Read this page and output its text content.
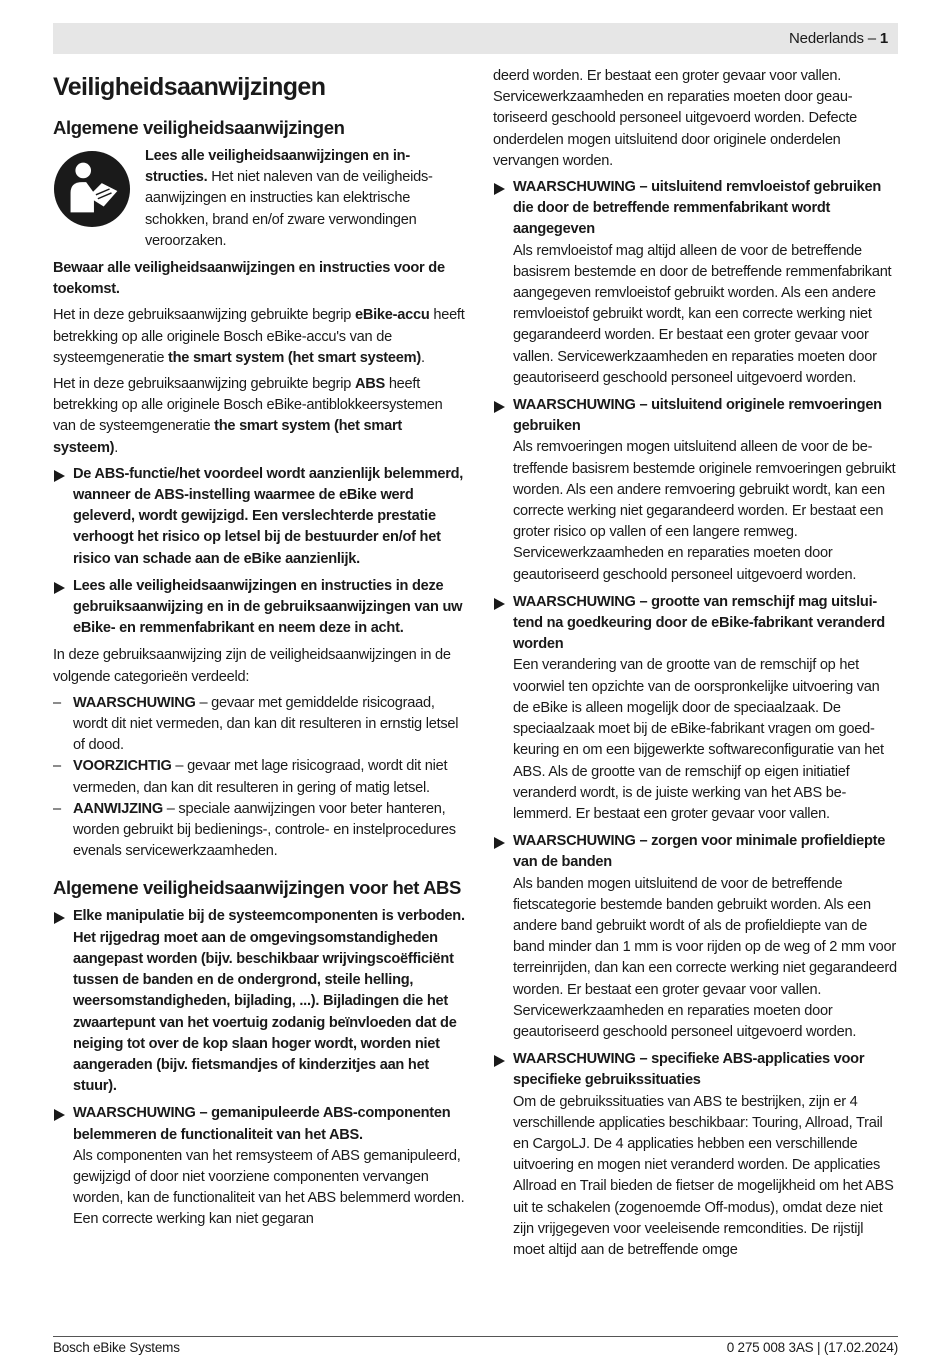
Nederlands – 1
Veiligheidsaanwijzingen
Algemene veiligheidsaanwijzingen

Lees alle veiligheidsaanwijzingen en instructies. Het niet naleven van de veiligheidsaanwijzingen en instructies kan elektrische schokken, brand en/of zware verwondingen veroorzaken.

Bewaar alle veiligheidsaanwijzingen en instructies voor de toekomst.

Het in deze gebruiksaanwijzing gebruikte begrip eBike-accu heeft betrekking op alle originele Bosch eBike-accu's van de systeemgeneratie the smart system (het smart systeem).

Het in deze gebruiksaanwijzing gebruikte begrip ABS heeft betrekking op alle originele Bosch eBike-antiblokkeersystemen van de systeemgeneratie the smart system (het smart systeem).

De ABS-functie/het voordeel wordt aanzienlijk belemmerd, wanneer de ABS-instelling waarmee de eBike werd geleverd, wordt gewijzigd. Een verslechterde prestatie verhoogt het risico op letsel bij de bestuurder en/of het risico van schade aan de eBike aanzienlijk.
Lees alle veiligheidsaanwijzingen en instructies in deze gebruiksaanwijzing en in de gebruiksaanwijzingen van uw eBike- en remmenfabrikant en neem deze in acht.

In deze gebruiksaanwijzing zijn de veiligheidsaanwijzingen in de volgende categorieën verdeeld:

– WAARSCHUWING – gevaar met gemiddelde risicograad, wordt dit niet vermeden, dan kan dit resulteren in ernstig letsel of dood.
– VOORZICHTIG – gevaar met lage risicograad, wordt dit niet vermeden, dan kan dit resulteren in gering of matig letsel.
– AANWIJZING – speciale aanwijzingen voor beter hanteren, worden gebruikt bij bedienings-, controle- en instelprocedures evenals servicewerkzaamheden.
Algemene veiligheidsaanwijzingen voor het ABS
Elke manipulatie bij de systeemcomponenten is verboden. Het rijgedrag moet aan de omgevingsomstandigheden aangepast worden (bijv. beschikbaar wrijvingscoëfficiënt tussen de banden en de ondergrond, steile helling, weersomstandigheden, bijlading, ...). Bijladingen die het zwaartepunt van het voertuig zodanig beïnvloeden dat de neiging tot over de kop slaan hoger wordt, worden niet aangeraden (bijv. fietsmandjes of kinderzitjes aan het stuur).
WAARSCHUWING – gemanipuleerde ABS-componenten belemmeren de functionaliteit van het ABS.
Als componenten van het remsysteem of ABS gemanipuleerd, gewijzigd of door niet voorziene componenten vervangen worden, kan de functionaliteit van het ABS belemmerd worden. Een correcte werking kan niet gegaran

deerd worden. Er bestaat een groter gevaar voor vallen. Servicewerkzaamheden en reparaties moeten door geautoriseerd geschoold personeel uitgevoerd worden. Defecte onderdelen mogen uitsluitend door originele onderdelen vervangen worden.

WAARSCHUWING – uitsluitend remvloeistof gebruiken die door de betreffende remmenfabrikant wordt aangegeven
Als remvloeistof mag altijd alleen de voor de betreffende basisrem bestemde en door de betreffende remmenfabrikant aangegeven remvloeistof gebruikt worden. Als een andere remvloeistof gebruikt wordt, kan een correcte werking niet gegarandeerd worden. Er bestaat een groter gevaar voor vallen. Servicewerkzaamheden en reparaties moeten door geautoriseerd geschoold personeel uitgevoerd worden.
WAARSCHUWING – uitsluitend originele remvoeringen gebruiken
Als remvoeringen mogen uitsluitend alleen de voor de betreffende basisrem bestemde originele remvoeringen gebruikt worden. Als een andere remvoering gebruikt wordt, kan een correcte werking niet gegarandeerd worden. Er bestaat een groter risico op vallen of een langere remweg. Servicewerkzaamheden en reparaties moeten door geautoriseerd geschoold personeel uitgevoerd worden.
WAARSCHUWING – grootte van remschijf mag uitsluitend na goedkeuring door de eBike-fabrikant veranderd worden
Een verandering van de grootte van de remschijf op het voorwiel ten opzichte van de oorspronkelijke uitvoering van de eBike is alleen mogelijk door de speciaalzaak. De speciaalzaak moet bij de eBike-fabrikant vragen om goedkeuring en om een bijgewerkte softwareconfiguratie van het ABS. Als de grootte van de remschijf op eigen initiatief veranderd wordt, is de juiste werking van het ABS belemmerd. Er bestaat een groter gevaar voor vallen.
WAARSCHUWING – zorgen voor minimale profieldiepte van de banden
Als banden mogen uitsluitend de voor de betreffende fietscategorie bestemde banden gebruikt worden. Als een andere band gebruikt wordt of als de profieldiepte van de band minder dan 1 mm is voor rijden op de weg of 2 mm voor terreinrijden, dan kan een correcte werking niet gegarandeerd worden. Er bestaat een groter gevaar voor vallen. Servicewerkzaamheden en reparaties moeten door geautoriseerd geschoold personeel uitgevoerd worden.
WAARSCHUWING – specifieke ABS-applicaties voor specifieke gebruikssituaties
Om de gebruikssituaties van ABS te bestrijken, zijn er 4 verschillende applicaties beschikbaar: Touring, Allroad, Trail en CargoLJ. De 4 applicaties hebben een verschillende uitvoering en mogen niet veranderd worden. De applicaties Allroad en Trail bieden de fietser de mogelijkheid om het ABS uit te schakelen (zogenoemde Off-modus), omdat deze niet zijn vrijgegeven voor veeleisende remcondities. De rijstijl moet altijd aan de betreffende omge
Bosch eBike Systems	0 275 008 3AS | (17.02.2024)
